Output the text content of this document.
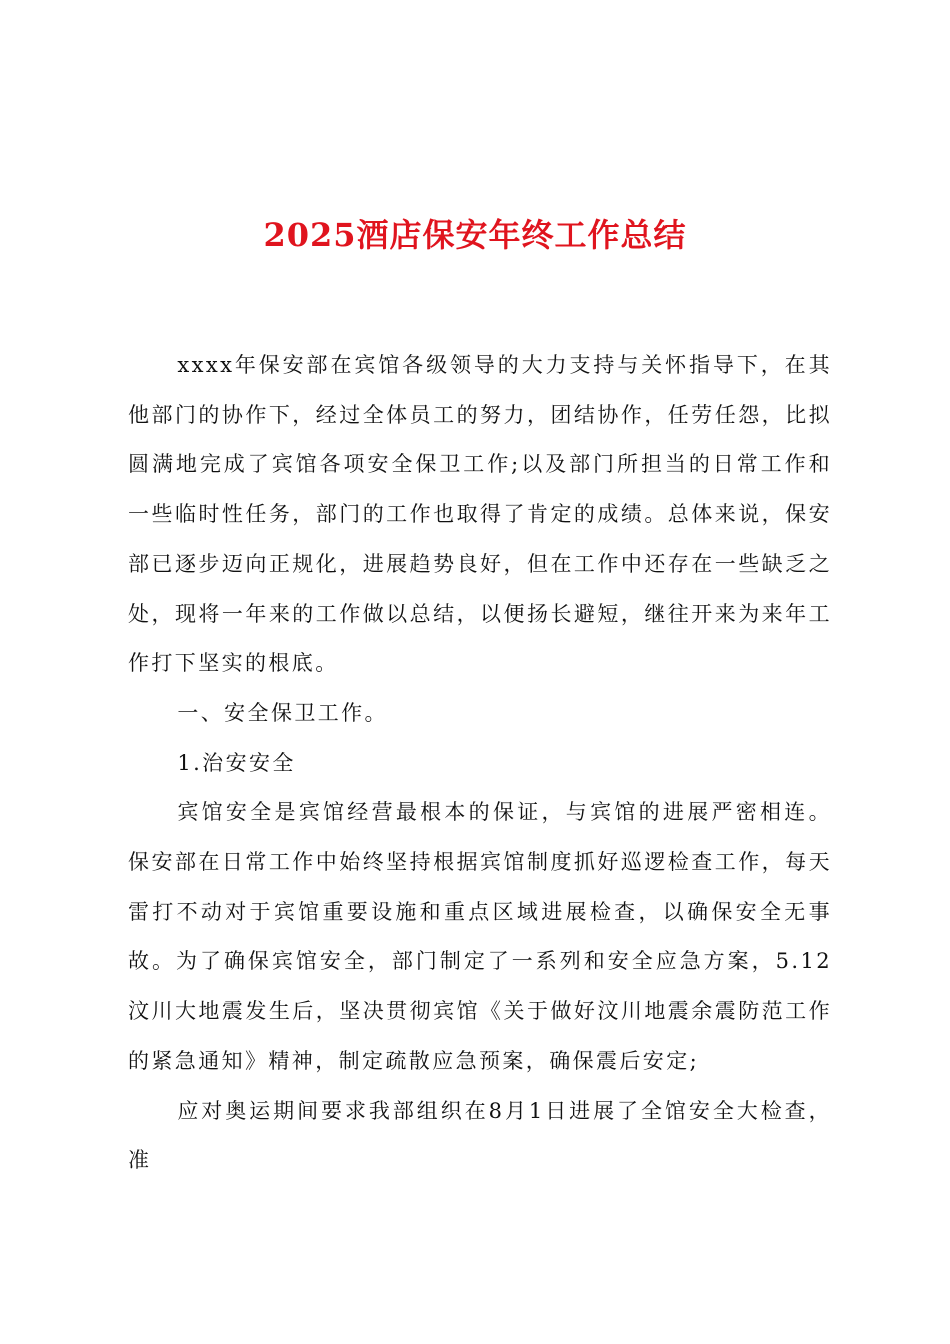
2025酒店保安年终工作总结

xxxx年保安部在宾馆各级领导的大力支持与关怀指导下，在其他部门的协作下，经过全体员工的努力，团结协作，任劳任怨，比拟圆满地完成了宾馆各项安全保卫工作;以及部门所担当的日常工作和一些临时性任务，部门的工作也取得了肯定的成绩。总体来说，保安部已逐步迈向正规化，进展趋势良好，但在工作中还存在一些缺乏之处，现将一年来的工作做以总结，以便扬长避短，继往开来为来年工作打下坚实的根底。

一、安全保卫工作。

1.治安安全

宾馆安全是宾馆经营最根本的保证，与宾馆的进展严密相连。保安部在日常工作中始终坚持根据宾馆制度抓好巡逻检查工作，每天雷打不动对于宾馆重要设施和重点区域进展检查，以确保安全无事故。为了确保宾馆安全，部门制定了一系列和安全应急方案，5.12汶川大地震发生后，坚决贯彻宾馆《关于做好汶川地震余震防范工作的紧急通知》精神，制定疏散应急预案，确保震后安定;

应对奥运期间要求我部组织在8月1日进展了全馆安全大检查，准
